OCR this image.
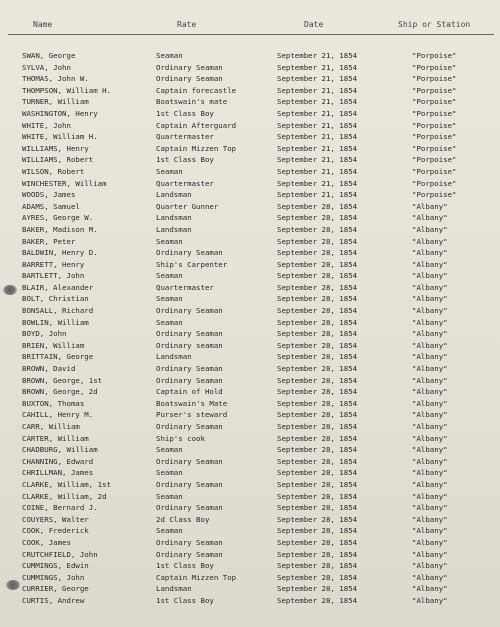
Name	Rate	Date	Ship or Station
SWAN, George	Seaman	September 21, 1854	"Porpoise"
SYLVA, John	Ordinary Seaman	September 21, 1854	"Porpoise"
THOMAS, John W.	Ordinary Seaman	September 21, 1854	"Porpoise"
THOMPSON, William H.	Captain forecastle	September 21, 1854	"Porpoise"
TURNER, William	Boatswain's mate	September 21, 1854	"Porpoise"
WASHINGTON, Henry	1st Class Boy	September 21, 1854	"Porpoise"
WHITE, John	Captain Afterguard	September 21, 1854	"Porpoise"
WHITE, William H.	Quartermaster	September 21, 1854	"Porpoise"
WILLIAMS, Henry	Captain Mizzen Top	September 21, 1854	"Porpoise"
WILLIAMS, Robert	1st Class Boy	September 21, 1854	"Porpoise"
WILSON, Robert	Seaman	September 21, 1854	"Porpoise"
WINCHESTER, William	Quartermaster	September 21, 1854	"Porpoise"
WOODS, James	Landsman	September 21, 1854	"Porpoise"
ADAMS, Samuel	Quarter Gunner	September 28, 1854	"Albany"
AYRES, George W.	Landsman	September 28, 1854	"Albany"
BAKER, Madison M.	Landsman	September 28, 1854	"Albany"
BAKER, Peter	Seaman	September 28, 1854	"Albany"
BALDWIN, Henry D.	Ordinary Seaman	September 28, 1854	"Albany"
BARRETT, Henry	Ship's Carpenter	September 28, 1854	"Albany"
BARTLETT, John	Seaman	September 28, 1854	"Albany"
BLAIR, Alexander	Quartermaster	September 28, 1854	"Albany"
BOLT, Christian	Seaman	September 28, 1854	"Albany"
BONSALL, Richard	Ordinary Seaman	September 28, 1854	"Albany"
BOWLIN, William	Seaman	September 28, 1854	"Albany"
BOYD, John	Ordinary Seaman	September 28, 1854	"Albany"
BRIEN, William	Ordinary seaman	September 28, 1854	"Albany"
BRITTAIN, George	Landsman	September 28, 1854	"Albany"
BROWN, David	Ordinary Seaman	September 28, 1854	"Albany"
BROWN, George, 1st	Ordinary Seaman	September 28, 1854	"Albany"
BROWN, George, 2d	Captain of Hold	September 28, 1854	"Albany"
BUXTON, Thomas	Boatswain's Mate	September 28, 1854	"Albany"
CAHILL, Henry M.	Purser's steward	September 28, 1854	"Albany"
CARR, William	Ordinary Seaman	September 28, 1854	"Albany"
CARTER, William	Ship's cook	September 28, 1854	"Albany"
CHADBURG, William	Seaman	September 28, 1854	"Albany"
CHANNING, Edward	Ordinary Seaman	September 28, 1854	"Albany"
CHRILLMAN, James	Seaman	September 28, 1854	"Albany"
CLARKE, William, 1st	Ordinary Seaman	September 28, 1854	"Albany"
CLARKE, William, 2d	Seaman	September 28, 1854	"Albany"
COINE, Bernard J.	Ordinary Seaman	September 28, 1854	"Albany"
COUYERS, Walter	2d Class Boy	September 28, 1854	"Albany"
COOK, Frederick	Seaman	September 28, 1854	"Albany"
COOK, James	Ordinary Seaman	September 28, 1854	"Albany"
CRUTCHFIELD, John	Ordinary Seaman	September 28, 1854	"Albany"
CUMMINGS, Edwin	1st Class Boy	September 28, 1854	"Albany"
CUMMINGS, John	Captain Mizzen Top	September 28, 1854	"Albany"
CURRIER, George	Landsman	September 28, 1854	"Albany"
CURTIS, Andrew	1st Class Boy	September 28, 1854	"Albany"
